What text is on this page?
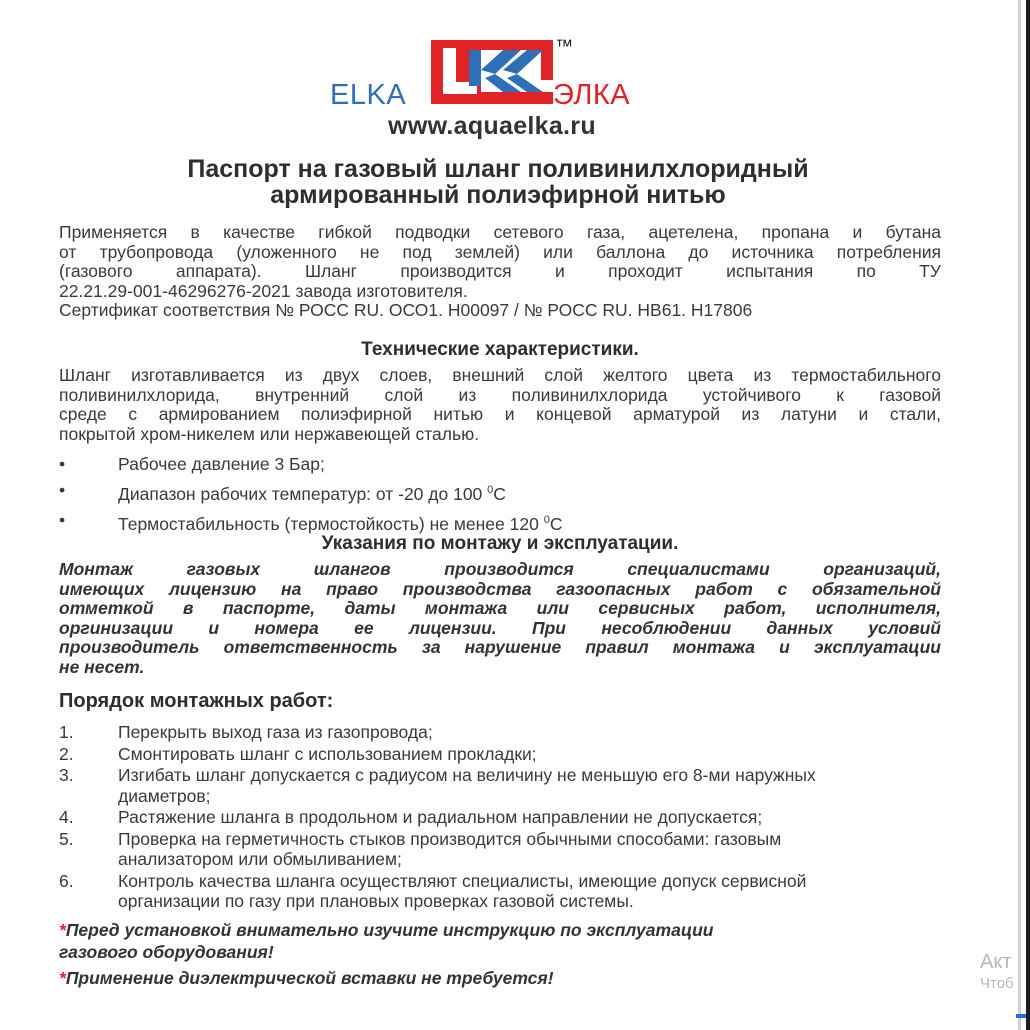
ELKA	ЭЛКА
™
www.aquaelka.ru
Паспорт на газовый шланг поливинилхлоридный
армированный полиэфирной нитью
Применяется в качестве гибкой подводки сетевого газа, ацетелена, пропана и бутана
от трубопровода (уложенного не под землей) или баллона до источника потребления
(газового аппарата). Шланг производится и проходит испытания по ТУ
22.21.29-001-46296276-2021 завода изготовителя.
Сертификат соответствия № РОСС RU. ОСО1. Н00097 / № РОСС RU. НВ61. Н17806
Технические характеристики.
Шланг изготавливается из двух слоев, внешний слой желтого цвета из термостабильного
поливинилхлорида, внутренний слой из поливинилхлорида устойчивого к газовой
среде с армированием полиэфирной нитью и концевой арматурой из латуни и стали,
покрытой хром-никелем или нержавеющей сталью.
•	Рабочее давление 3 Бар;
•	Диапазон рабочих температур: от -20 до 100 $^0$С
•	Термостабильность (термостойкость) не менее 120 $^0$С
Указания по монтажу и эксплуатации.
Монтаж газовых шлангов производится специалистами организаций,
имеющих лицензию на право производства газоопасных работ с обязательной
отметкой в паспорте, даты монтажа или сервисных работ, исполнителя,
оргинизации и номера ее лицензии. При несоблюдении данных условий
производитель ответственность за нарушение правил монтажа и эксплуатации
не несет.
Порядок монтажных работ:
1.	Перекрыть выход газа из газопровода;
2.	Смонтировать шланг с использованием прокладки;
3.	Изгибать шланг допускается с радиусом на величину не меньшую его 8-ми наружных диаметров;
4.	Растяжение шланга в продольном и радиальном направлении не допускается;
5.	Проверка на герметичность стыков производится обычными способами: газовым анализатором или обмыливанием;
6.	Контроль качества шланга осуществляют специалисты, имеющие допуск сервисной организации по газу при плановых проверках газовой системы.
*Перед установкой внимательно изучите инструкцию по эксплуатации
газового оборудования!
*Применение диэлектрической вставки не требуется!
Акт
Чтоб
